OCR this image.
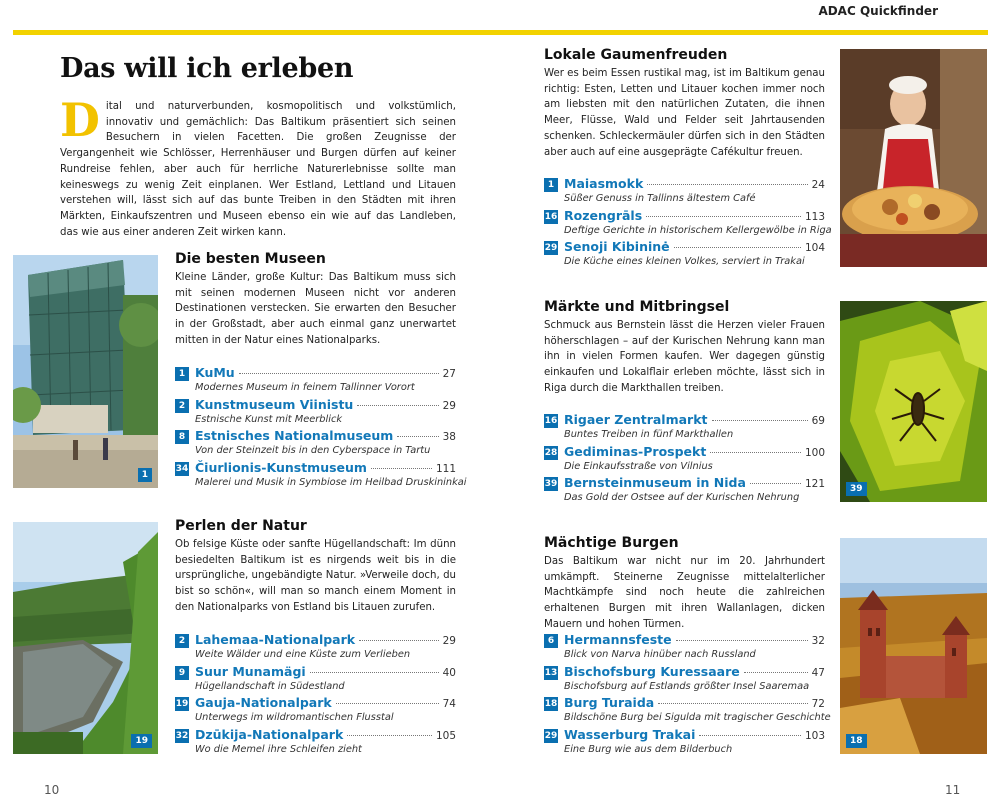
ADAC Quickfinder
Das will ich erleben
D ital und naturverbunden, kosmopolitisch und volkstümlich, innovativ und gemächlich: Das Baltikum präsentiert sich seinen Besuchern in vielen Facetten. Die großen Zeugnisse der Vergangenheit wie Schlösser, Herrenhäuser und Burgen dürfen auf keiner Rundreise fehlen, aber auch für herrliche Naturerlebnisse sollte man keineswegs zu wenig Zeit einplanen. Wer Estland, Lettland und Litauen verstehen will, lässt sich auf das bunte Treiben in den Städten mit ihren Märkten, Einkaufszentren und Museen ebenso ein wie auf das Landleben, das wie aus einer anderen Zeit wirken kann.
1
Die besten Museen

Kleine Länder, große Kultur: Das Baltikum muss sich mit seinen modernen Museen nicht vor anderen Destinationen verstecken. Sie erwarten den Besucher in der Großstadt, aber auch einmal ganz unerwartet mitten in der Natur eines Nationalparks.

1 KuMu	27
Modernes Museum in feinem Tallinner Vorort
2 Kunstmuseum Viinistu	29
Estnische Kunst mit Meerblick
8 Estnisches Nationalmuseum	38
Von der Steinzeit bis in den Cyberspace in Tartu
34 Čiurlionis-Kunstmuseum	111
Malerei und Musik in Symbiose im Heilbad Druskininkai
19
Perlen der Natur

Ob felsige Küste oder sanfte Hügellandschaft: Im dünn besiedelten Baltikum ist es nirgends weit bis in die ursprüngliche, ungebändigte Natur. »Verweile doch, du bist so schön«, will man so manch einem Moment in den Nationalparks von Estland bis Litauen zurufen.

2 Lahemaa-Nationalpark	29
Weite Wälder und eine Küste zum Verlieben
9 Suur Munamägi	40
Hügellandschaft in Südestland
19 Gauja-Nationalpark	74
Unterwegs im wildromantischen Flusstal
32 Dzūkija-Nationalpark	105
Wo die Memel ihre Schleifen zieht
Lokale Gaumenfreuden

Wer es beim Essen rustikal mag, ist im Baltikum genau richtig: Esten, Letten und Litauer kochen immer noch am liebsten mit den natürlichen Zutaten, die ihnen Meer, Flüsse, Wald und Felder seit Jahrtausenden schenken. Schleckermäuler dürfen sich in den Städten aber auch auf eine ausgeprägte Cafékultur freuen.

1 Maiasmokk	24
Süßer Genuss in Tallinns ältestem Café
16 Rozengrāls	113
Deftige Gerichte in historischem Kellergewölbe in Riga
29 Senoji Kibininė	104
Die Küche eines kleinen Volkes, serviert in Trakai
Märkte und Mitbringsel

Schmuck aus Bernstein lässt die Herzen vieler Frauen höherschlagen – auf der Kurischen Nehrung kann man ihn in vielen Formen kaufen. Wer dagegen günstig einkaufen und Lokalflair erleben möchte, lässt sich in Riga durch die Markthallen treiben.

16 Rigaer Zentralmarkt	69
Buntes Treiben in fünf Markthallen
28 Gediminas-Prospekt	100
Die Einkaufsstraße von Vilnius
39 Bernsteinmuseum in Nida	121
Das Gold der Ostsee auf der Kurischen Nehrung
39
Mächtige Burgen

Das Baltikum war nicht nur im 20. Jahrhundert umkämpft. Steinerne Zeugnisse mittelalterlicher Machtkämpfe sind noch heute die zahlreichen erhaltenen Burgen mit ihren Wallanlagen, dicken Mauern und hohen Türmen.

6 Hermannsfeste	32
Blick von Narva hinüber nach Russland
13 Bischofsburg Kuressaare	47
Bischofsburg auf Estlands größter Insel Saaremaa
18 Burg Turaida	72
Bildschöne Burg bei Sigulda mit tragischer Geschichte
29 Wasserburg Trakai	103
Eine Burg wie aus dem Bilderbuch
18
10	11
